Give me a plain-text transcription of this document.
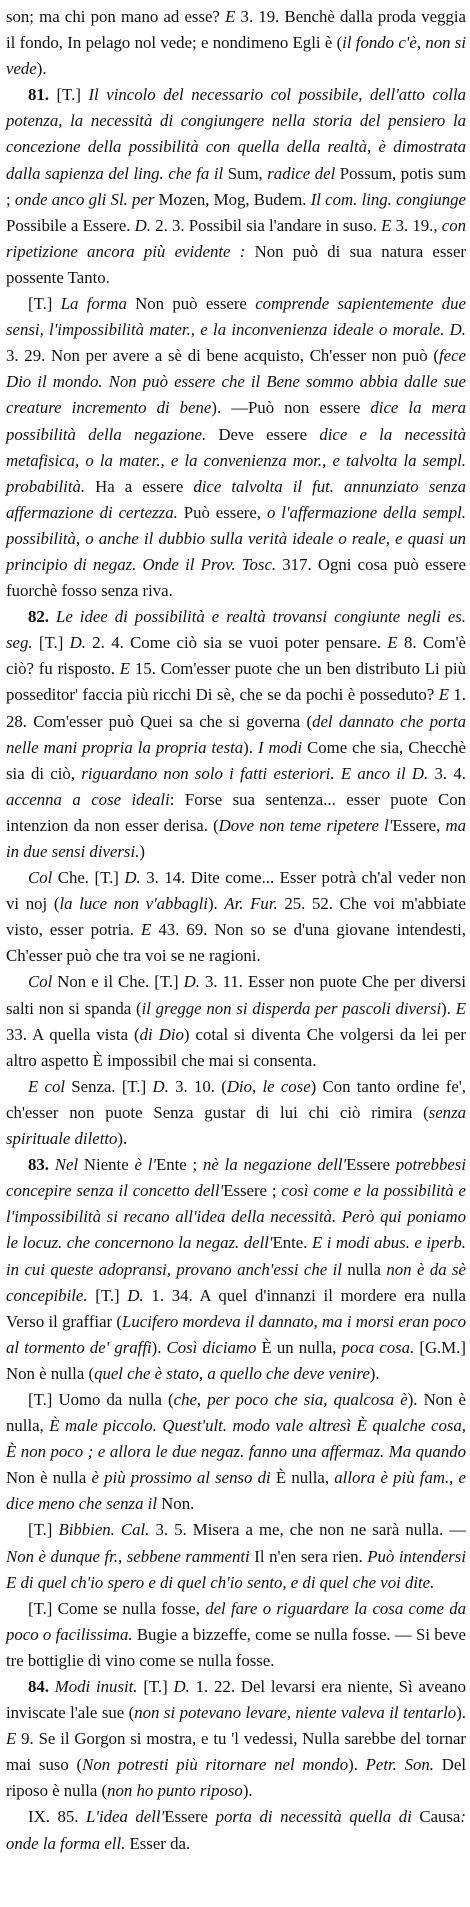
son; ma chi pon mano ad esse? E 3. 19. Benchè dalla proda veggia il fondo, In pelago nol vede; e nondimeno Egli è (il fondo c'è, non si vede).

81. [T.] Il vincolo del necessario col possibile, dell'atto colla potenza, la necessità di congiungere nella storia del pensiero la concezione della possibilità con quella della realtà, è dimostrata dalla sapienza del ling. che fa il Sum, radice del Possum, potis sum ; onde anco gli Sl. per Mozen, Mog, Budem. Il com. ling. congiunge Possibile a Essere. D. 2. 3. Possibil sia l'andare in suso. E 3. 19., con ripetizione ancora più evidente : Non può di sua natura esser possente Tanto.

[T.] La forma Non può essere comprende sapientemente due sensi, l'impossibilità mater., e la inconvenienza ideale o morale. D. 3. 29. Non per avere a sè di bene acquisto, Ch'esser non può (fece Dio il mondo. Non può essere che il Bene sommo abbia dalle sue creature incremento di bene). —Può non essere dice la mera possibilità della negazione. Deve essere dice e la necessità metafisica, o la mater., e la convenienza mor., e talvolta la sempl. probabilità. Ha a essere dice talvolta il fut. annunziato senza affermazione di certezza. Può essere, o l'affermazione della sempl. possibilità, o anche il dubbio sulla verità ideale o reale, e quasi un principio di negaz. Onde il Prov. Tosc. 317. Ogni cosa può essere fuorchè fosso senza riva.

82. Le idee di possibilità e realtà trovansi congiunte negli es. seg. [T.] D. 2. 4. Come ciò sia se vuoi poter pensare. E 8. Com'è ciò? fu risposto. E 15. Com'esser puote che un ben distributo Li più posseditor' faccia più ricchi Di sè, che se da pochi è posseduto? E 1. 28. Com'esser può Quei sa che si governa (del dannato che porta nelle mani propria la propria testa). I modi Come che sia, Checchè sia di ciò, riguardano non solo i fatti esteriori. E anco il D. 3. 4. accenna a cose ideali: Forse sua sentenza... esser puote Con intenzion da non esser derisa. (Dove non teme ripetere l'Essere, ma in due sensi diversi.)

Col Che. [T.] D. 3. 14. Dite come... Esser potrà ch'al veder non vi noj (la luce non v'abbagli). Ar. Fur. 25. 52. Che voi m'abbiate visto, esser potria. E 43. 69. Non so se d'una giovane intendesti, Ch'esser può che tra voi se ne ragioni.

Col Non e il Che. [T.] D. 3. 11. Esser non puote Che per diversi salti non si spanda (il gregge non si disperda per pascoli diversi). E 33. A quella vista (di Dio) cotal si diventa Che volgersi da lei per altro aspetto È impossibil che mai si consenta.

E col Senza. [T.] D. 3. 10. (Dio, le cose) Con tanto ordine fe', ch'esser non puote Senza gustar di lui chi ciò rimira (senza spirituale diletto).

83. Nel Niente è l'Ente ; nè la negazione dell'Essere potrebbesi concepire senza il concetto dell'Essere ; così come e la possibilità e l'impossibilità si recano all'idea della necessità. Però qui poniamo le locuz. che concernono la negaz. dell'Ente. E i modi abus. e iperb. in cui queste adopransi, provano anch'essi che il nulla non è da sè concepibile. [T.] D. 1. 34. A quel d'innanzi il mordere era nulla Verso il graffiar (Lucifero mordeva il dannato, ma i morsi eran poco al tormento de' graffi). Così diciamo È un nulla, poca cosa. [G.M.] Non è nulla (quel che è stato, a quello che deve venire).

[T.] Uomo da nulla (che, per poco che sia, qualcosa è). Non è nulla, È male piccolo. Quest'ult. modo vale altresì È qualche cosa, È non poco ; e allora le due negaz. fanno una affermaz. Ma quando Non è nulla è più prossimo al senso di È nulla, allora è più fam., e dice meno che senza il Non.

[T.] Bibbien. Cal. 3. 5. Misera a me, che non ne sarà nulla. — Non è dunque fr., sebbene rammenti Il n'en sera rien. Può intendersi E di quel ch'io spero e di quel ch'io sento, e di quel che voi dite.

[T.] Come se nulla fosse, del fare o riguardare la cosa come da poco o facilissima. Bugie a bizzeffe, come se nulla fosse. — Si beve tre bottiglie di vino come se nulla fosse.

84. Modi inusit. [T.] D. 1. 22. Del levarsi era niente, Sì aveano inviscate l'ale sue (non si potevano levare, niente valeva il tentarlo). E 9. Se il Gorgon si mostra, e tu 'l vedessi, Nulla sarebbe del tornar mai suso (Non potresti più ritornare nel mondo). Petr. Son. Del riposo è nulla (non ho punto riposo).

IX. 85. L'idea dell'Essere porta di necessità quella di Causa: onde la forma ell. Esser da.
